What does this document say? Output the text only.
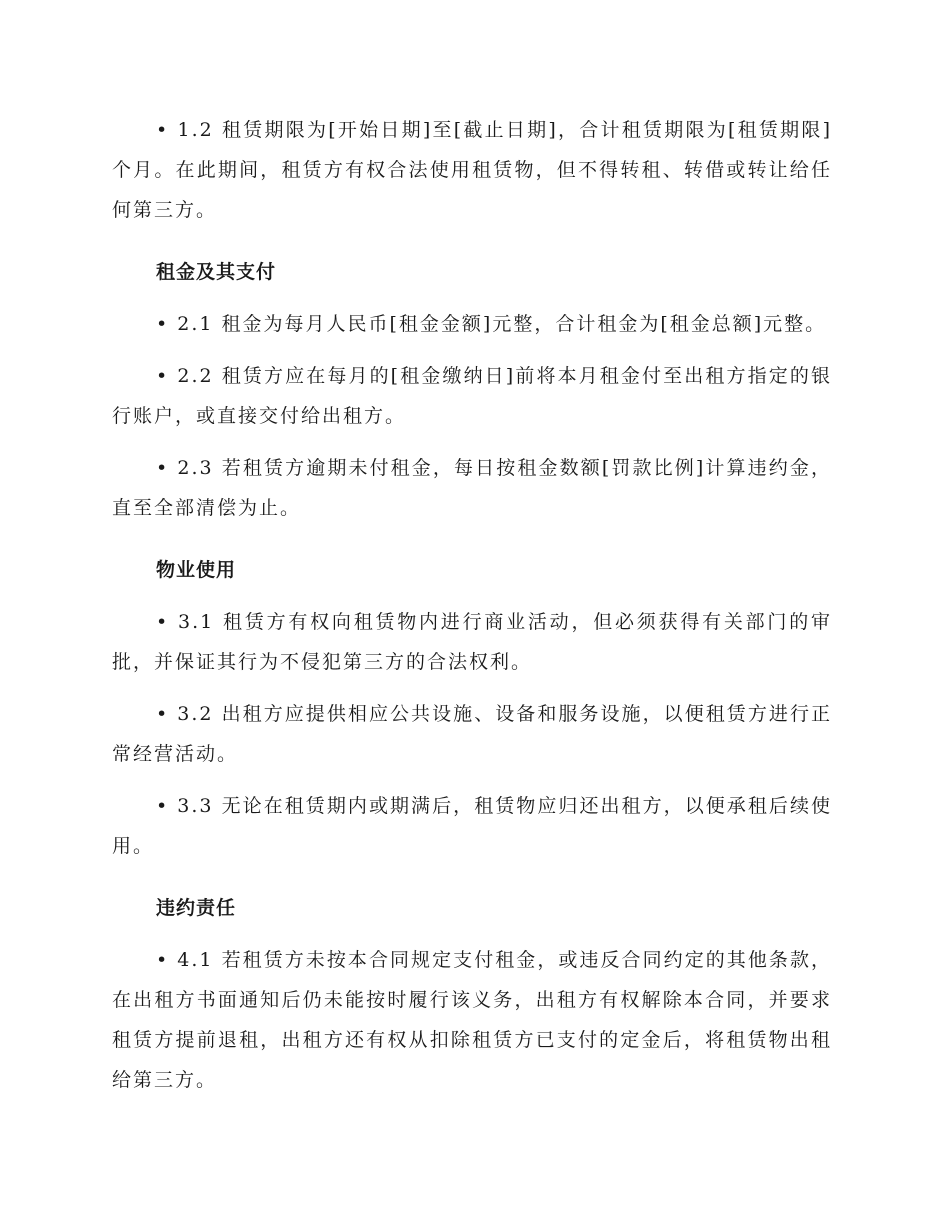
• 1.2 租赁期限为[开始日期]至[截止日期]，合计租赁期限为[租赁期限]个月。在此期间，租赁方有权合法使用租赁物，但不得转租、转借或转让给任何第三方。

租金及其支付

• 2.1 租金为每月人民币[租金金额]元整，合计租金为[租金总额]元整。

• 2.2 租赁方应在每月的[租金缴纳日]前将本月租金付至出租方指定的银行账户，或直接交付给出租方。

• 2.3 若租赁方逾期未付租金，每日按租金数额[罚款比例]计算违约金，直至全部清偿为止。

物业使用

• 3.1 租赁方有权向租赁物内进行商业活动，但必须获得有关部门的审批，并保证其行为不侵犯第三方的合法权利。

• 3.2 出租方应提供相应公共设施、设备和服务设施，以便租赁方进行正常经营活动。

• 3.3 无论在租赁期内或期满后，租赁物应归还出租方，以便承租后续使用。

违约责任

• 4.1 若租赁方未按本合同规定支付租金，或违反合同约定的其他条款，在出租方书面通知后仍未能按时履行该义务，出租方有权解除本合同，并要求租赁方提前退租，出租方还有权从扣除租赁方已支付的定金后，将租赁物出租给第三方。
